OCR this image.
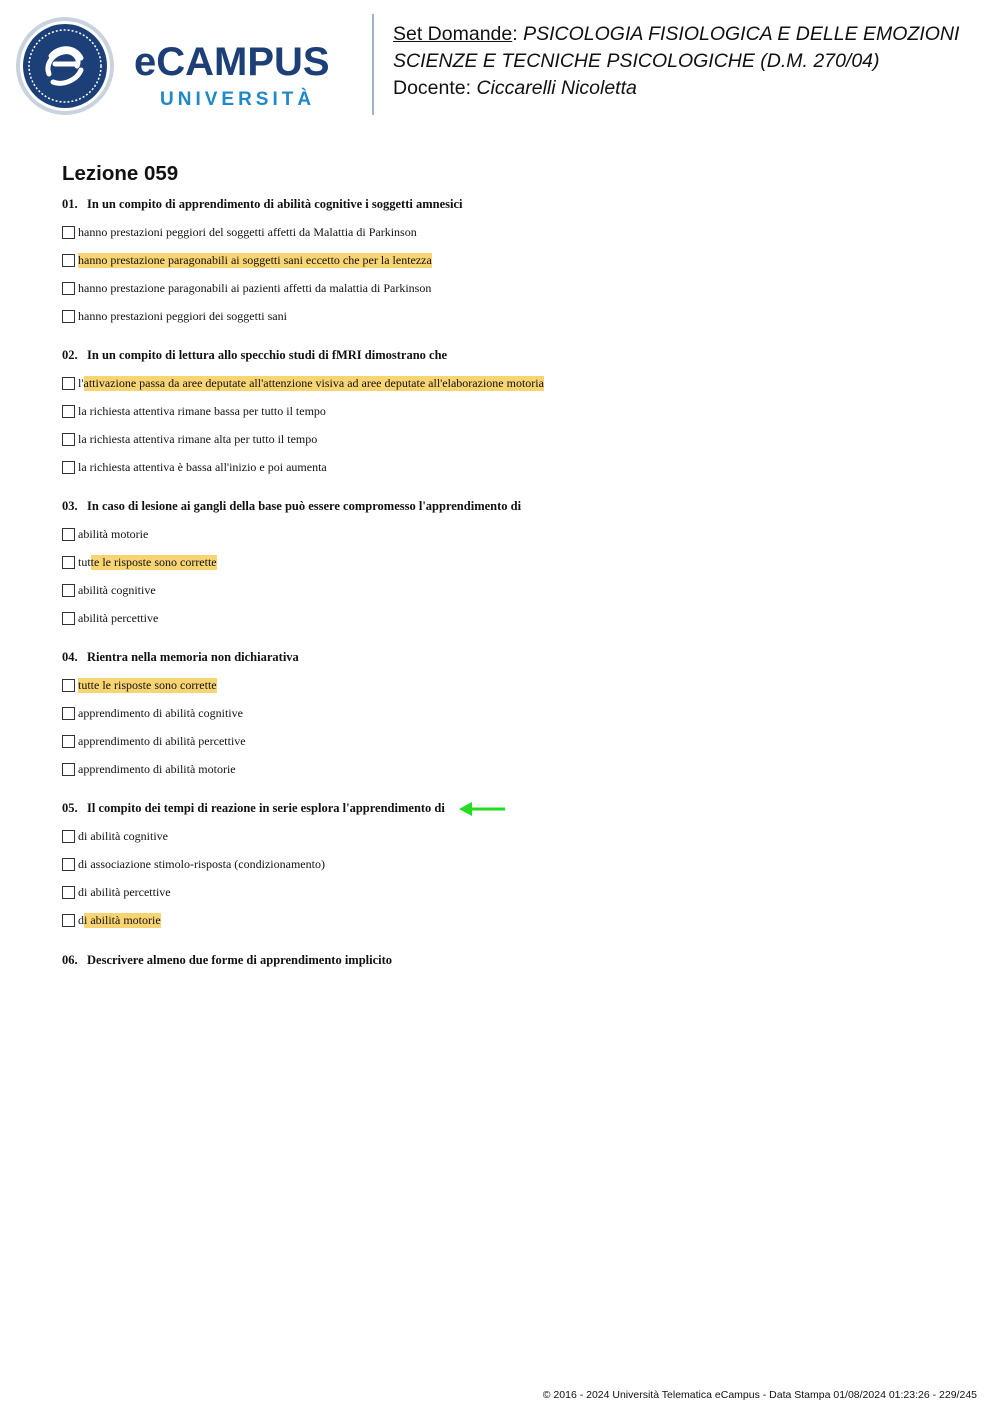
eCAMPUS
UNIVERSITÀ
Set Domande: PSICOLOGIA FISIOLOGICA E DELLE EMOZIONI
SCIENZE E TECNICHE PSICOLOGICHE (D.M. 270/04)
Docente: Ciccarelli Nicoletta
Lezione 059
01. In un compito di apprendimento di abilità cognitive i soggetti amnesici
hanno prestazioni peggiori del soggetti affetti da Malattia di Parkinson
hanno prestazione paragonabili ai soggetti sani eccetto che per la lentezza
hanno prestazione paragonabili ai pazienti affetti da malattia di Parkinson
hanno prestazioni peggiori dei soggetti sani
02. In un compito di lettura allo specchio studi di fMRI dimostrano che
l' attivazione passa da aree deputate all'attenzione visiva ad aree deputate all'elaborazione motoria
la richiesta attentiva rimane bassa per tutto il tempo
la richiesta attentiva rimane alta per tutto il tempo
la richiesta attentiva è bassa all'inizio e poi aumenta
03. In caso di lesione ai gangli della base può essere compromesso l'apprendimento di
abilità motorie
tut te le risposte sono corrette
abilità cognitive
abilità percettive
04. Rientra nella memoria non dichiarativa
tutte le risposte sono corrette
apprendimento di abilità cognitive
apprendimento di abilità percettive
apprendimento di abilità motorie
05. Il compito dei tempi di reazione in serie esplora l'apprendimento di
di abilità cognitive
di associazione stimolo-risposta (condizionamento)
di abilità percettive
d i abilità motorie
06. Descrivere almeno due forme di apprendimento implicito
© 2016 - 2024 Università Telematica eCampus - Data Stampa 01/08/2024 01:23:26 - 229/245
